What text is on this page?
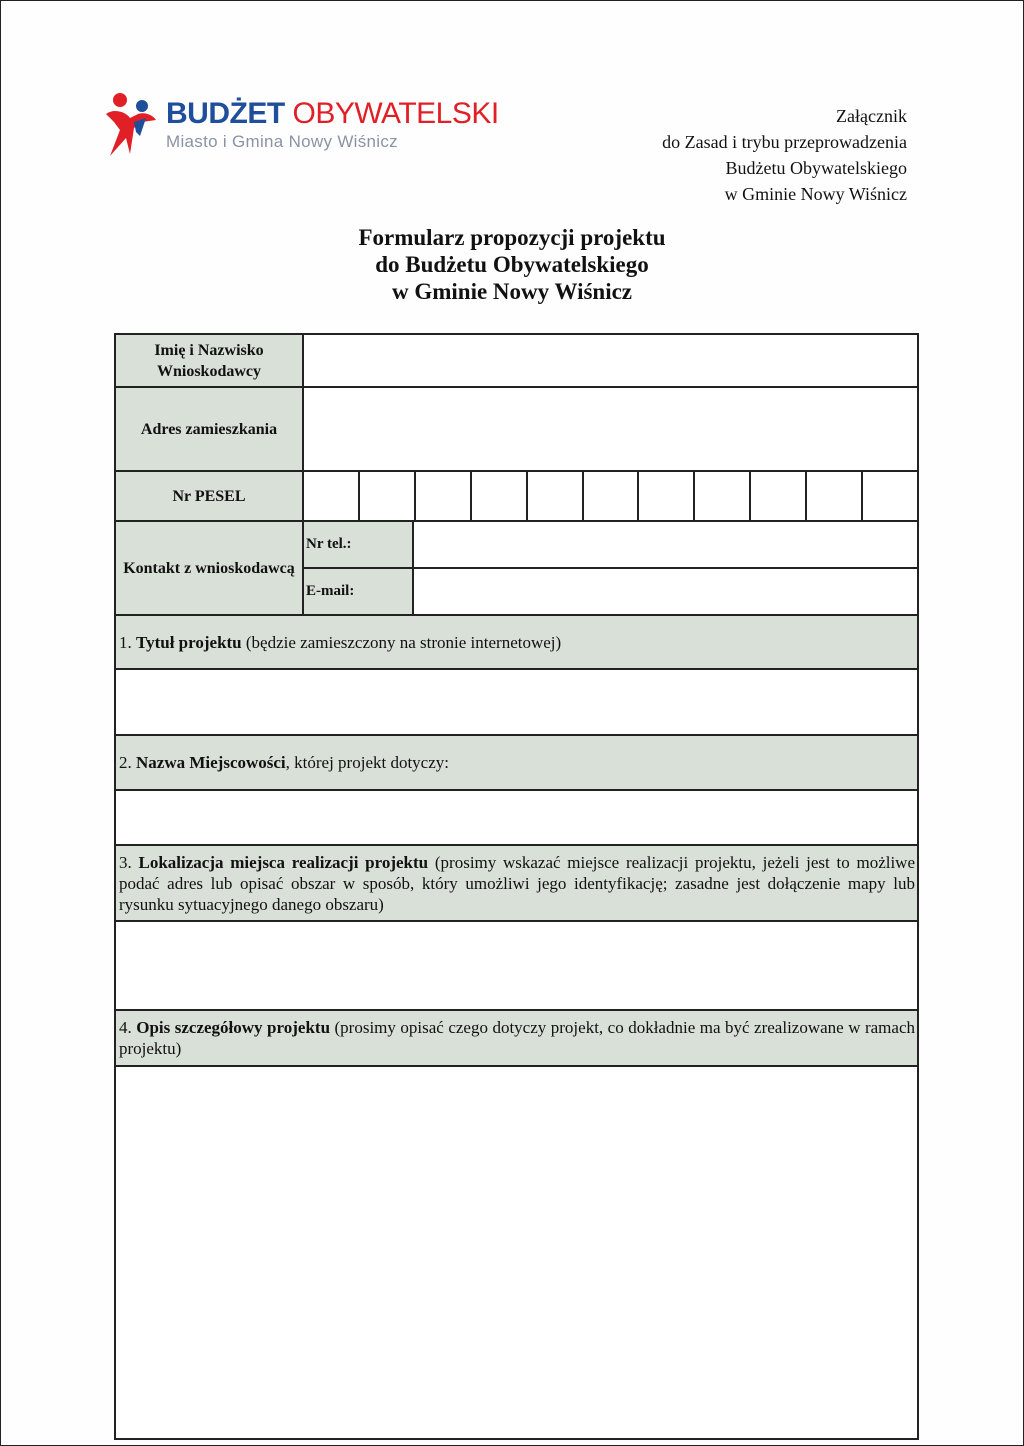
BUDŻET OBYWATELSKI

Miasto i Gmina Nowy Wiśnicz

Załącznik
do Zasad i trybu przeprowadzenia
Budżetu Obywatelskiego
w Gminie Nowy Wiśnicz
Formularz propozycji projektu
do Budżetu Obywatelskiego
w Gminie Nowy Wiśnicz
Imię i Nazwisko Wnioskodawcy
Adres zamieszkania
Nr PESEL
Kontakt z wnioskodawcą
Nr tel.:
E-mail:
1. Tytuł projektu (będzie zamieszczony na stronie internetowej)
2. Nazwa Miejscowości, której projekt dotyczy:
3. Lokalizacja miejsca realizacji projektu (prosimy wskazać miejsce realizacji projektu, jeżeli jest to możliwe podać adres lub opisać obszar w sposób, który umożliwi jego identyfikację; zasadne jest dołączenie mapy lub rysunku sytuacyjnego danego obszaru)
4. Opis szczegółowy projektu (prosimy opisać czego dotyczy projekt, co dokładnie ma być zrealizowane w ramach projektu)
